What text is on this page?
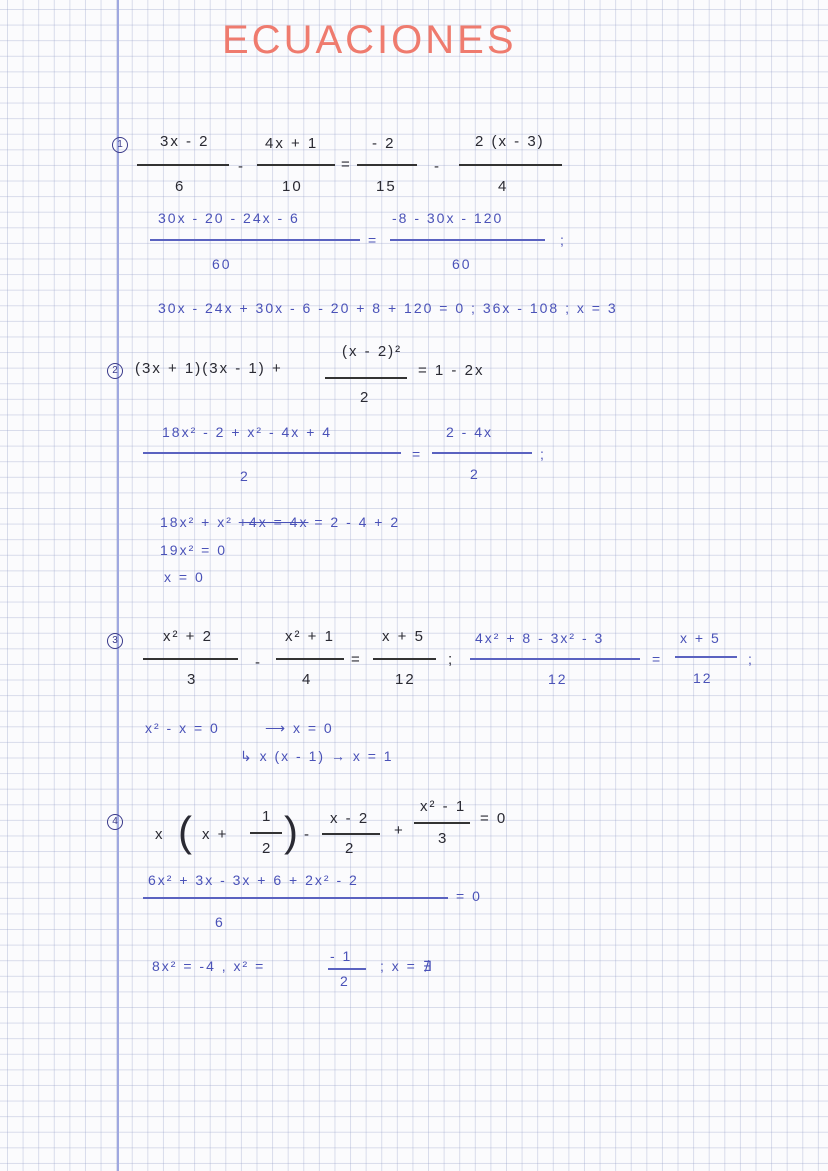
ECUACIONES
1	3x - 2
6
-
4x + 1
10
=
- 2
15
-
2 (x - 3)
4
30x - 20 - 24x - 6
60
=
-8 - 30x - 120
60
;
30x - 24x + 30x - 6 - 20 + 8 + 120 = 0 ; 36x - 108 ; x = 3
2	(3x + 1)(3x - 1) +
(x - 2)²
2
= 1 - 2x
18x² - 2 + x² - 4x + 4
2
=
2 - 4x
2
;
18x² + x² +4x = 4x = 2 - 4 + 2
19x² = 0
x = 0
3	x² + 2
3
-
x² + 1
4
=
x + 5
12
;
4x² + 8 - 3x² - 3
12
=
x + 5
12
;
x² - x = 0	⟶ x = 0
↳ x (x - 1) → x = 1
4
x ( x +
1
2 ) -
x - 2
2
+
x² - 1
3
= 0
6x² + 3x - 3x + 6 + 2x² - 2
6
= 0
8x² = -4 , x² =
- 1
2
; x = ∄
